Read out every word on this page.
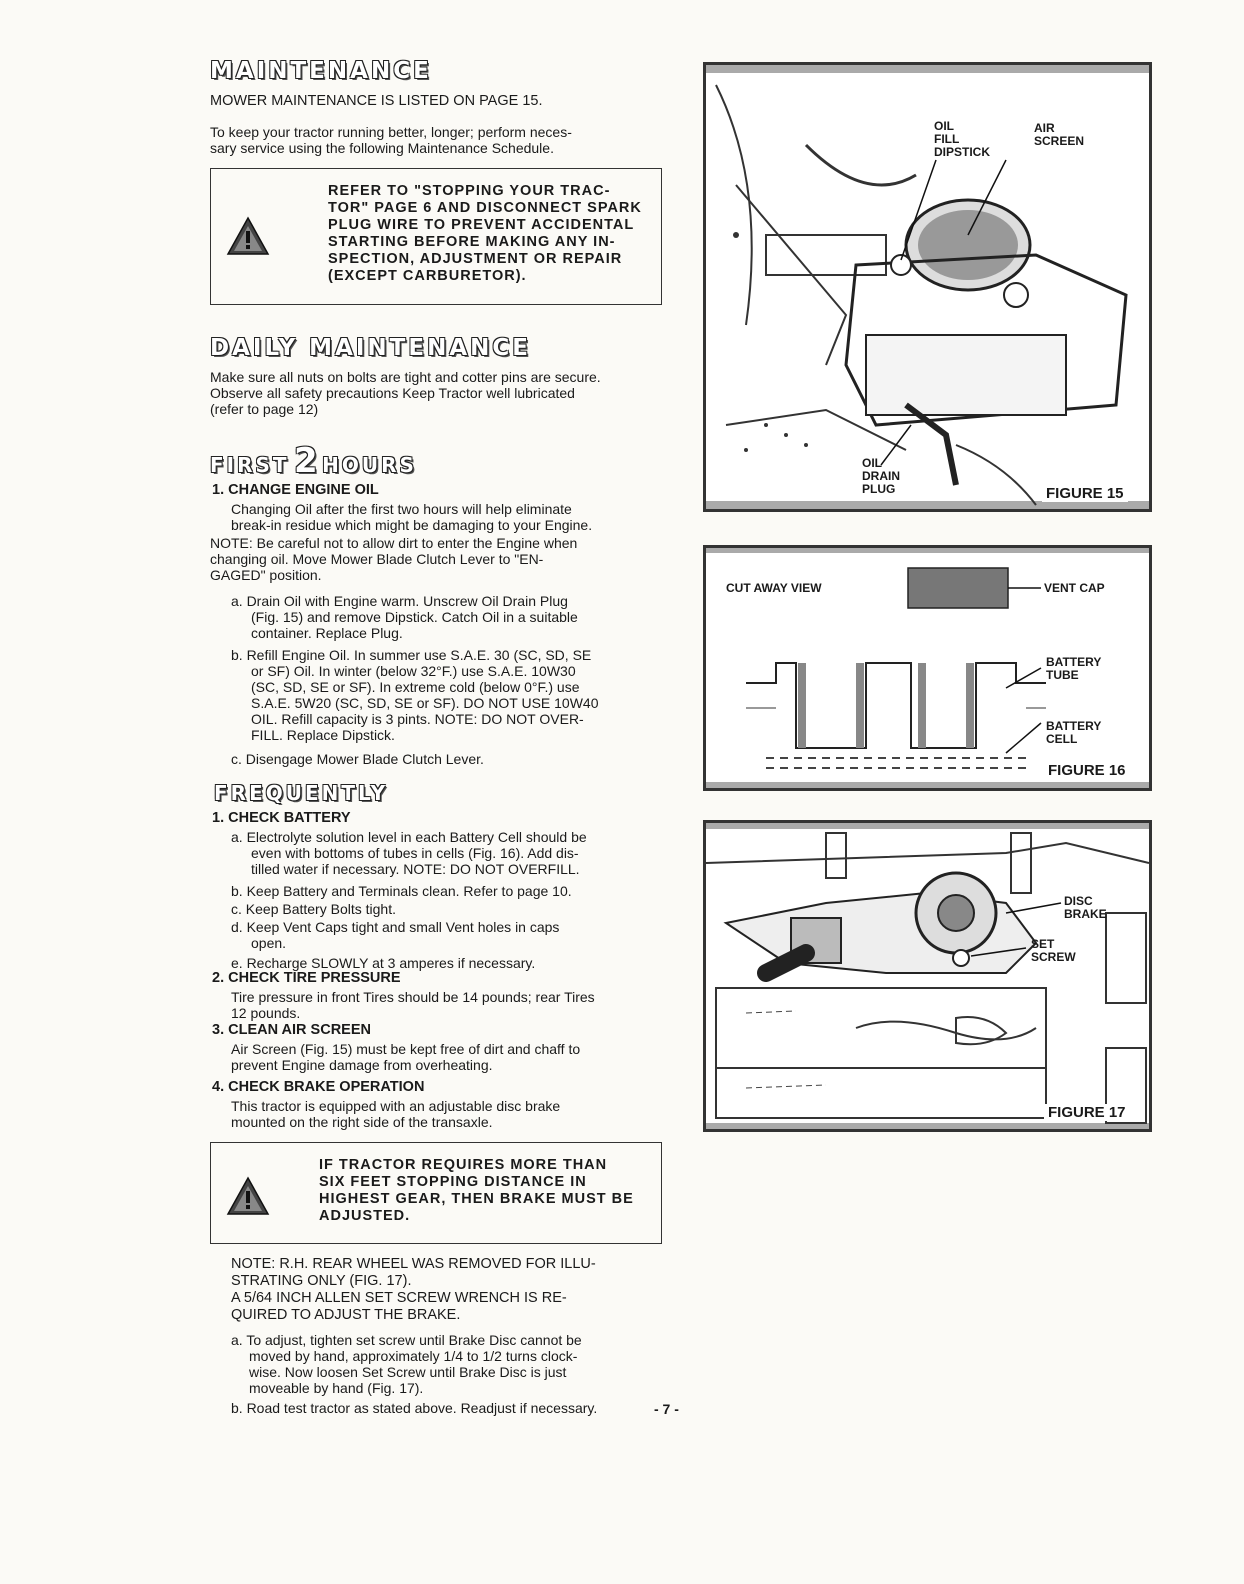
MAINTENANCE
MOWER MAINTENANCE IS LISTED ON PAGE 15.
To keep your tractor running better, longer; perform neces-
sary service using the following Maintenance Schedule.
REFER TO "STOPPING YOUR TRAC-
TOR" PAGE 6 AND DISCONNECT SPARK
PLUG WIRE TO PREVENT ACCIDENTAL
STARTING BEFORE MAKING ANY IN-
SPECTION, ADJUSTMENT OR REPAIR
(EXCEPT CARBURETOR).
DAILY MAINTENANCE
Make sure all nuts on bolts are tight and cotter pins are secure.
Observe all safety precautions Keep Tractor well lubricated
(refer to page 12)
FIRST 2 HOURS
1. CHANGE ENGINE OIL
Changing Oil after the first two hours will help eliminate
break-in residue which might be damaging to your Engine.
NOTE: Be careful not to allow dirt to enter the Engine when
changing oil. Move Mower Blade Clutch Lever to "EN-
GAGED" position.
a. Drain Oil with Engine warm. Unscrew Oil Drain Plug
(Fig. 15) and remove Dipstick. Catch Oil in a suitable
container. Replace Plug.
b. Refill Engine Oil. In summer use S.A.E. 30 (SC, SD, SE
or SF) Oil. In winter (below 32°F.) use S.A.E. 10W30
(SC, SD, SE or SF). In extreme cold (below 0°F.) use
S.A.E. 5W20 (SC, SD, SE or SF). DO NOT USE 10W40
OIL. Refill capacity is 3 pints. NOTE: DO NOT OVER-
FILL. Replace Dipstick.
c. Disengage Mower Blade Clutch Lever.
FREQUENTLY
1. CHECK BATTERY
a. Electrolyte solution level in each Battery Cell should be
even with bottoms of tubes in cells (Fig. 16). Add dis-
tilled water if necessary. NOTE: DO NOT OVERFILL.
b. Keep Battery and Terminals clean. Refer to page 10.
c. Keep Battery Bolts tight.
d. Keep Vent Caps tight and small Vent holes in caps
open.
e. Recharge SLOWLY at 3 amperes if necessary.
2. CHECK TIRE PRESSURE
Tire pressure in front Tires should be 14 pounds; rear Tires
12 pounds.
3. CLEAN AIR SCREEN
Air Screen (Fig. 15) must be kept free of dirt and chaff to
prevent Engine damage from overheating.
4. CHECK BRAKE OPERATION
This tractor is equipped with an adjustable disc brake
mounted on the right side of the transaxle.
IF TRACTOR REQUIRES MORE THAN
SIX FEET STOPPING DISTANCE IN
HIGHEST GEAR, THEN BRAKE MUST BE
ADJUSTED.
NOTE: R.H. REAR WHEEL WAS REMOVED FOR ILLU-
STRATING ONLY (FIG. 17).
A 5/64 INCH ALLEN SET SCREW WRENCH IS RE-
QUIRED TO ADJUST THE BRAKE.
a. To adjust, tighten set screw until Brake Disc cannot be
moved by hand, approximately 1/4 to 1/2 turns clock-
wise. Now loosen Set Screw until Brake Disc is just
moveable by hand (Fig. 17).
b. Road test tractor as stated above. Readjust if necessary.	- 7 -
OIL
FILL
DIPSTICK
AIR
SCREEN
OIL
DRAIN
PLUG	FIGURE 15
CUT AWAY VIEW	VENT CAP
BATTERY
TUBE
BATTERY
CELL
FIGURE 16
DISC
BRAKE
SET
SCREW
FIGURE 17
